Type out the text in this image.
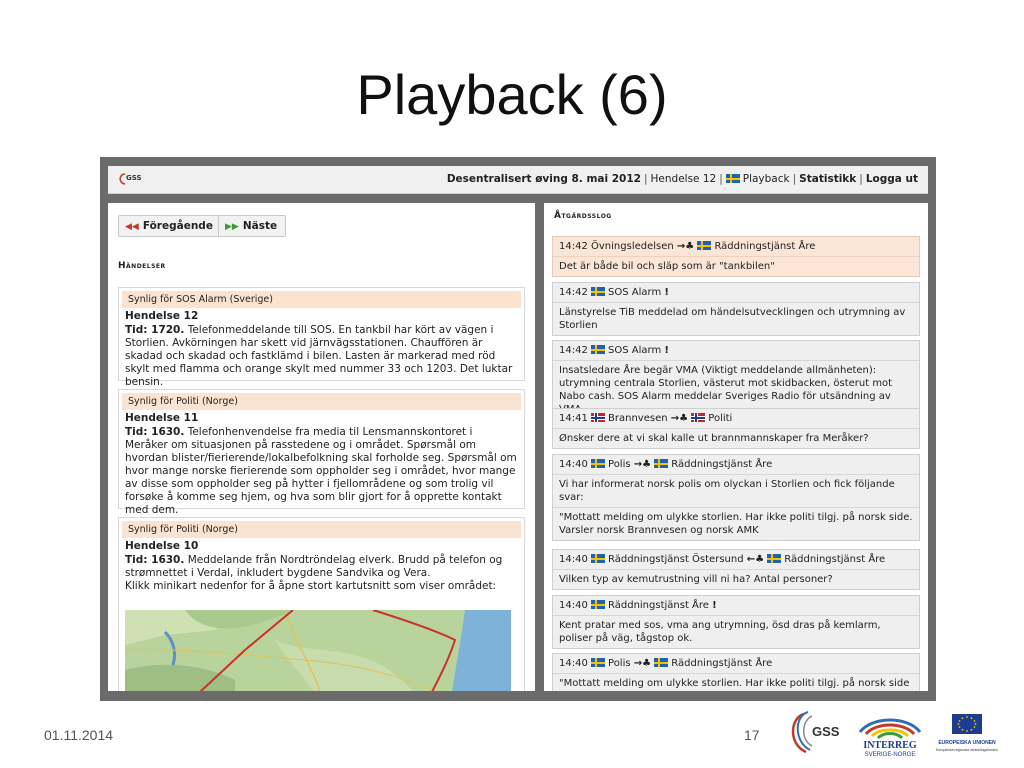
Playback (6)
GSS	Desentralisert øving 8. mai 2012 | Hendelse 12 | Playback | Statistikk | Logga ut
◀◀ Föregående	▶▶ Näste
Händelser
Synlig för SOS Alarm (Sverige)
Hendelse 12
Tid: 1720. Telefonmeddelande till SOS. En tankbil har kört av vägen i Storlien. Avkörningen har skett vid järnvägsstationen. Chauffören är skadad och skadad och fastklämd i bilen. Lasten är markerad med röd skylt med flamma och orange skylt med nummer 33 och 1203. Det luktar bensin.
Synlig för Politi (Norge)
Hendelse 11
Tid: 1630. Telefonhenvendelse fra media til Lensmannskontoret i Meråker om situasjonen på rasstedene og i området. Spørsmål om hvordan blister/fierierende/lokalbefolkning skal forholde seg. Spørsmål om hvor mange norske fierierende som oppholder seg i området, hvor mange av disse som oppholder seg på hytter i fjellområdene og som trolig vil forsøke å komme seg hjem, og hva som blir gjort for å opprette kontakt med dem.
Synlig för Politi (Norge)
Hendelse 10
Tid: 1630. Meddelande från Nordtröndelag elverk. Brudd på telefon og strømnettet i Verdal, inkludert bygdene Sandvika og Vera.
Klikk minikart nedenfor for å åpne stort kartutsnitt som viser området:
Åtgärdsslog
14:42 Övningsledelsen →♣ Räddningstjänst Åre
Det är både bil och släp som är "tankbilen"
14:42 SOS Alarm !
Länstyrelse TiB meddelad om händelsutvecklingen och utrymning av Storlien
14:42 SOS Alarm !
Insatsledare Åre begär VMA (Viktigt meddelande allmänheten): utrymning centrala Storlien, västerut mot skidbacken, österut mot Nabo cash. SOS Alarm meddelar Sveriges Radio för utsändning av
14:41 Brannvesen →♣ Politi
Ønsker dere at vi skal kalle ut brannmannskaper fra Meråker?
14:40 Polis →♣ Räddningstjänst Åre
Vi har informerat norsk polis om olyckan i Storlien och fick följande svar:
"Mottatt melding om ulykke storlien. Har ikke politi tilgj. på norsk side. Varsler norsk Brannvesen og norsk AMK
14:40 Räddningstjänst Östersund ←♣ Räddningstjänst Åre
Vilken typ av kemutrustning vill ni ha? Antal personer?
14:40 Räddningstjänst Åre !
Kent pratar med sos, vma ang utrymning, ösd dras på kemlarm, poliser på väg, tågstop ok.
14:40 Polis →♣ Räddningstjänst Åre
"Mottatt melding om ulykke storlien. Har ikke politi tilgj. på norsk side
01.11.2014	17	GSS
INTERREG
SVERIGE-NORGE
EUROPEISKA UNIONEN
Europeiska regionala utvecklingsfonden
